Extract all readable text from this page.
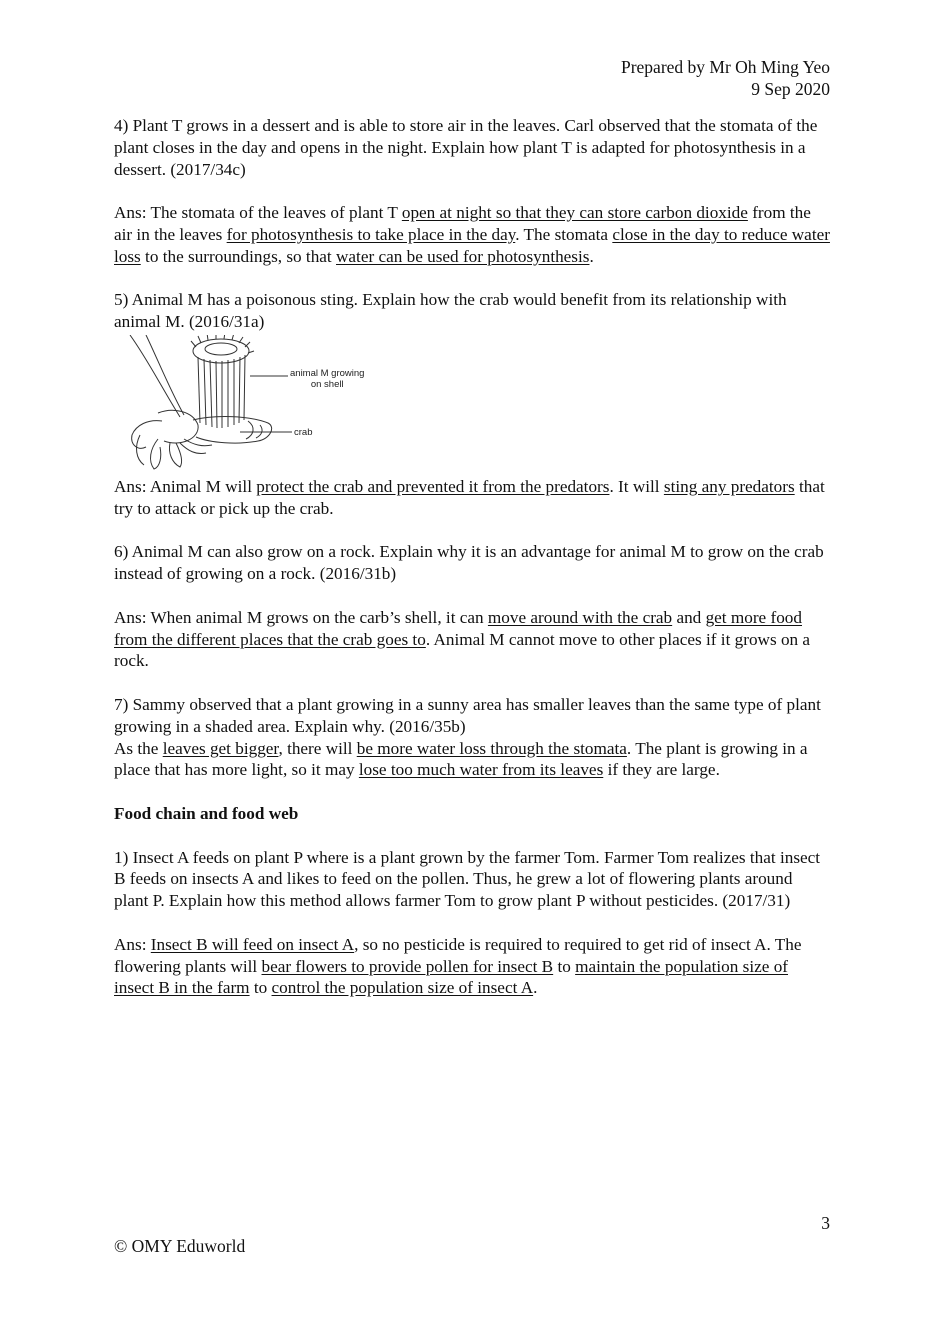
Prepared by Mr Oh Ming Yeo
9 Sep 2020

4) Plant T grows in a dessert and is able to store air in the leaves. Carl observed that the stomata of the plant closes in the day and opens in the night. Explain how plant T is adapted for photosynthesis in a dessert. (2017/34c)

Ans: The stomata of the leaves of plant T open at night so that they can store carbon dioxide from the air in the leaves for photosynthesis to take place in the day. The stomata close in the day to reduce water loss to the surroundings, so that water can be used for photosynthesis.

5) Animal M has a poisonous sting. Explain how the crab would benefit from its relationship with animal M. (2016/31a)

animal M growing
on shell
crab

Ans: Animal M will protect the crab and prevented it from the predators. It will sting any predators that try to attack or pick up the crab.

6) Animal M can also grow on a rock. Explain why it is an advantage for animal M to grow on the crab instead of growing on a rock. (2016/31b)

Ans: When animal M grows on the carb’s shell, it can move around with the crab and get more food from the different places that the crab goes to. Animal M cannot move to other places if it grows on a rock.

7) Sammy observed that a plant growing in a sunny area has smaller leaves than the same type of plant growing in a shaded area. Explain why. (2016/35b)

As the leaves get bigger, there will be more water loss through the stomata. The plant is growing in a place that has more light, so it may lose too much water from its leaves if they are large.

Food chain and food web

1) Insect A feeds on plant P where is a plant grown by the farmer Tom. Farmer Tom realizes that insect B feeds on insects A and likes to feed on the pollen. Thus, he grew a lot of flowering plants around plant P. Explain how this method allows farmer Tom to grow plant P without pesticides. (2017/31)

Ans: Insect B will feed on insect A, so no pesticide is required to required to get rid of insect A. The flowering plants will bear flowers to provide pollen for insect B to maintain the population size of insect B in the farm to control the population size of insect A.

3
© OMY Eduworld
